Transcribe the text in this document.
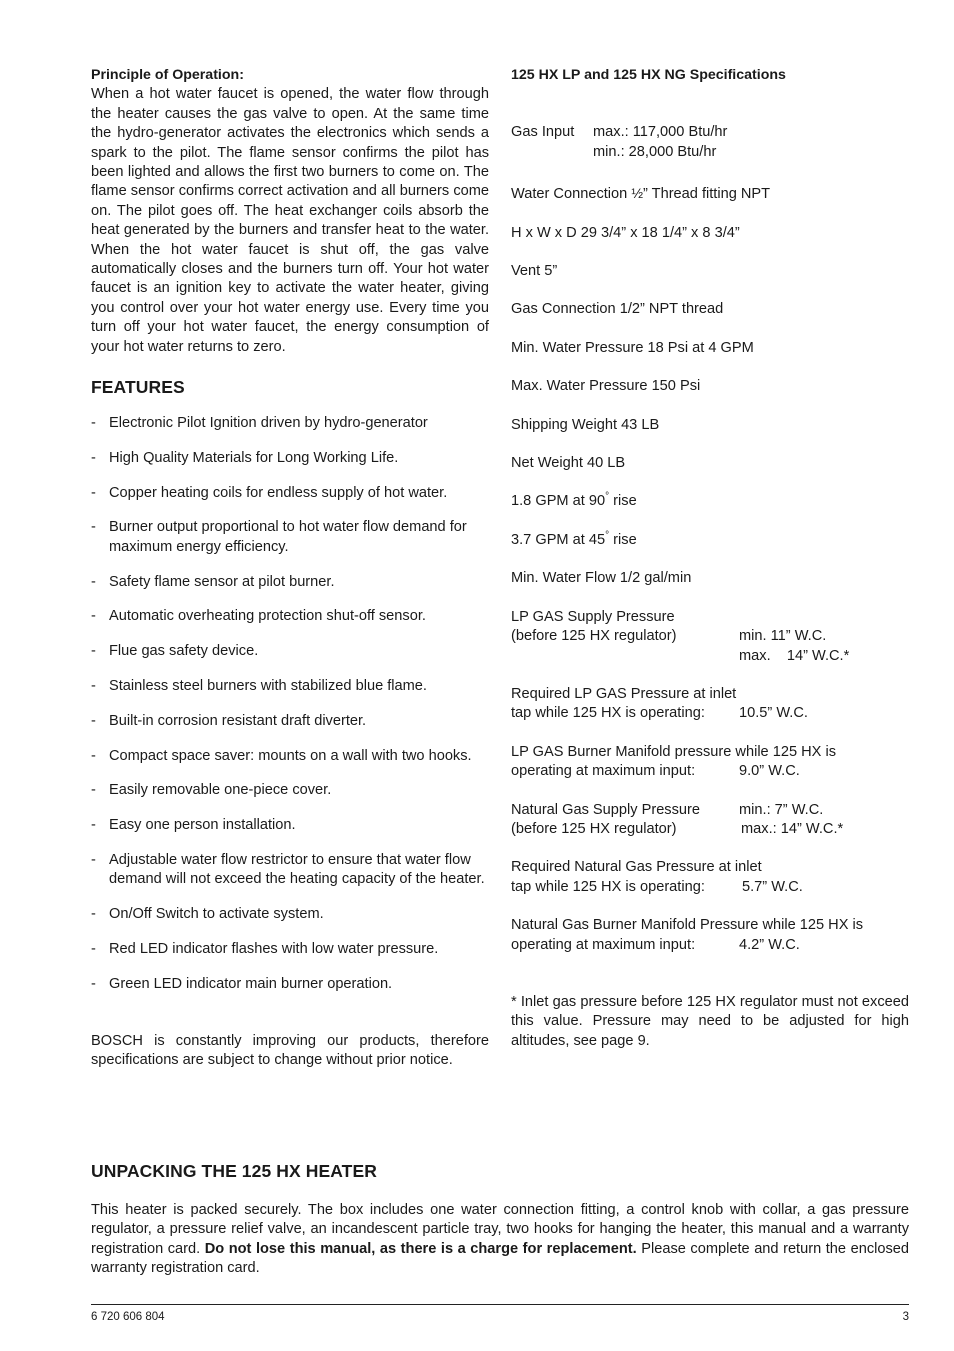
Principle of Operation:

When a hot water faucet is opened, the water flow through the heater causes the gas valve to open. At the same time the hydro-generator activates the electronics which sends a spark to the pilot. The flame sensor confirms the pilot has been lighted and allows the first two burners to come on. The flame sensor confirms correct activation and all burners come on. The pilot goes off. The heat exchanger coils absorb the heat generated by the burners and transfer heat to the water. When the hot water faucet is shut off, the gas valve automatically closes and the burners turn off. Your hot water faucet is an ignition key to activate the water heater, giving you control over your hot water energy use. Every time you turn off your hot water faucet, the energy consumption of your hot water returns to zero.

FEATURES

- Electronic Pilot Ignition driven by hydro-generator
- High Quality Materials for Long Working Life.
- Copper heating coils for endless supply of hot water.
- Burner output proportional to hot water flow demand for maximum energy efficiency.
- Safety flame sensor at pilot burner.
- Automatic overheating protection shut-off sensor.
- Flue gas safety device.
- Stainless steel burners with stabilized blue flame.
- Built-in corrosion resistant draft diverter.
- Compact space saver: mounts on a wall with two hooks.
- Easily removable one-piece cover.
- Easy one person installation.
- Adjustable water flow restrictor to ensure that water flow demand will not exceed the heating capacity of the heater.
- On/Off Switch to activate system.
- Red LED indicator flashes with low water pressure.
- Green LED indicator main burner operation.

BOSCH is constantly improving our products, therefore specifications are subject to change without prior notice.

125 HX LP and 125 HX NG Specifications

Gas Input	max.: 117,000 Btu/hr
	min.: 28,000 Btu/hr

Water Connection ½” Thread fitting NPT

H x W x D 29 3/4” x 18 1/4” x 8 3/4”

Vent 5”

Gas Connection 1/2” NPT thread

Min. Water Pressure 18 Psi at 4 GPM

Max. Water Pressure 150 Psi

Shipping Weight 43 LB

Net Weight 40 LB

1.8 GPM at 90° rise

3.7 GPM at 45° rise

Min. Water Flow 1/2 gal/min

LP GAS Supply Pressure	
(before 125 HX regulator)	min. 11” W.C.
	max. 14” W.C.*
Required LP GAS Pressure at inlet
tap while 125 HX is operating:	10.5” W.C.
LP GAS Burner Manifold pressure while 125 HX is
operating at maximum input:	9.0” W.C.
Natural Gas Supply Pressure	min.: 7” W.C.
(before 125 HX regulator)	max.: 14” W.C.*
Required Natural Gas Pressure at inlet
tap while 125 HX is operating:	5.7” W.C.
Natural Gas Burner Manifold Pressure while 125 HX is
operating at maximum input:	4.2” W.C.

* Inlet gas pressure before 125 HX regulator must not exceed this value. Pressure may need to be adjusted for high altitudes, see page 9.

UNPACKING THE 125 HX HEATER

This heater is packed securely. The box includes one water connection fitting, a control knob with collar, a gas pressure regulator, a pressure relief valve, an incandescent particle tray, two hooks for hanging the heater, this manual and a warranty registration card. Do not lose this manual, as there is a charge for replacement. Please complete and return the enclosed warranty registration card.

6 720 606 804	3
